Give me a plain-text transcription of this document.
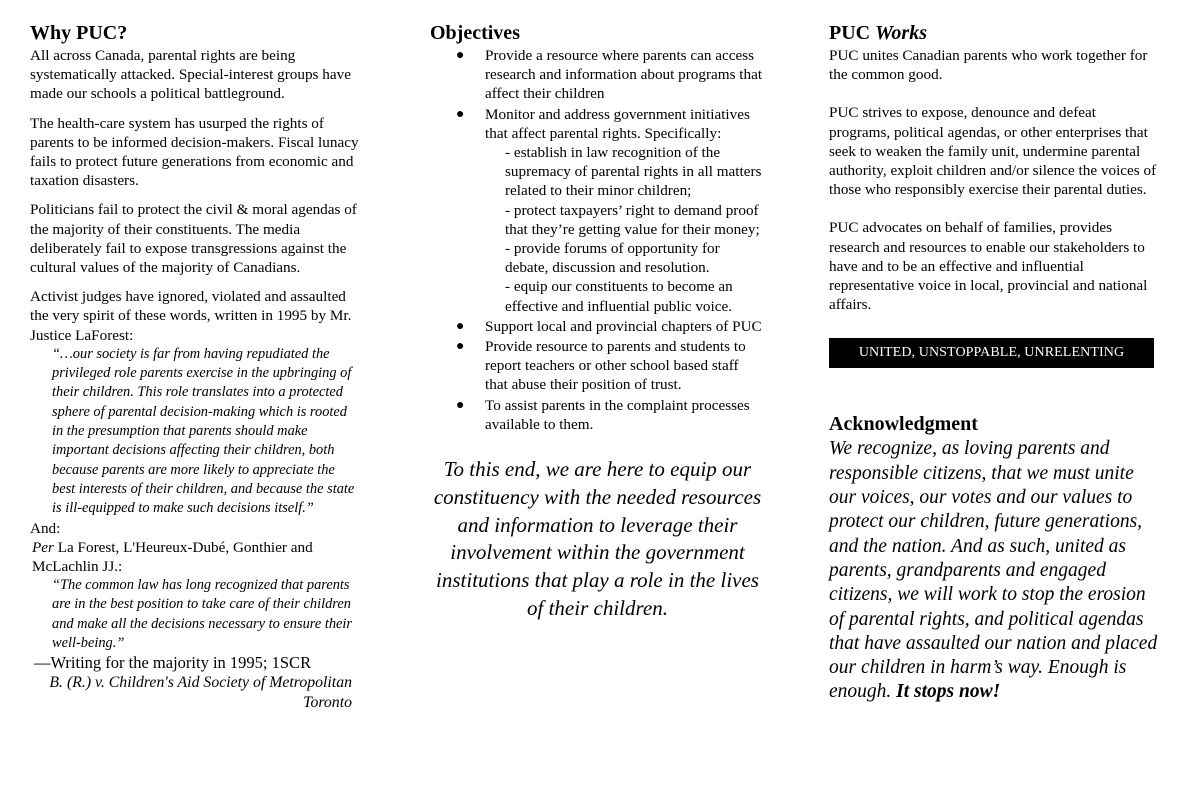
Why PUC?

All across Canada, parental rights are being systematically attacked. Special-interest groups have made our schools a political battleground.

The health-care system has usurped the rights of parents to be informed decision-makers. Fiscal lunacy fails to protect future generations from economic and taxation disasters.

Politicians fail to protect the civil & moral agendas of the majority of their constituents. The media deliberately fail to expose transgressions against the cultural values of the majority of Canadians.

Activist judges have ignored, violated and assaulted the very spirit of these words, written in 1995 by Mr. Justice LaForest:

“…our society is far from having repudiated the privileged role parents exercise in the upbringing of their children. This role translates into a protected sphere of parental decision-making which is rooted in the presumption that parents should make important decisions affecting their children, both because parents are more likely to appreciate the best interests of their children, and because the state is ill-equipped to make such decisions itself.”

And:

Per La Forest, L'Heureux-Dubé, Gonthier and McLachlin JJ.:

“The common law has long recognized that parents are in the best position to take care of their children and make all the decisions necessary to ensure their well-being.”

—Writing for the majority in 1995; 1SCR

B. (R.) v. Children's Aid Society of Metropolitan Toronto

Objectives
● Provide a resource where parents can access research and information about programs that affect their children
● Monitor and address government initiatives that affect parental rights. Specifically:
- establish in law recognition of the supremacy of parental rights in all matters related to their minor children;
- protect taxpayers’ right to demand proof that they’re getting value for their money;
- provide forums of opportunity for debate, discussion and resolution.
- equip our constituents to become an effective and influential public voice.
● Support local and provincial chapters of PUC
● Provide resource to parents and students to report teachers or other school based staff that abuse their position of trust.
● To assist parents in the complaint processes available to them.
To this end, we are here to equip our constituency with the needed resources and information to leverage their involvement within the government institutions that play a role in the lives of their children.
PUC Works

PUC unites Canadian parents who work together for the common good.

PUC strives to expose, denounce and defeat programs, political agendas, or other enterprises that seek to weaken the family unit, undermine parental authority, exploit children and/or silence the voices of those who responsibly exercise their parental duties.

PUC advocates on behalf of families, provides research and resources to enable our stakeholders to have and to be an effective and influential representative voice in local, provincial and national affairs.

UNITED, UNSTOPPABLE, UNRELENTING
Acknowledgment

We recognize, as loving parents and responsible citizens, that we must unite our voices, our votes and our values to protect our children, future generations, and the nation. And as such, united as parents, grandparents and engaged citizens, we will work to stop the erosion of parental rights, and political agendas that have assaulted our nation and placed our children in harm’s way. Enough is enough. It stops now!
